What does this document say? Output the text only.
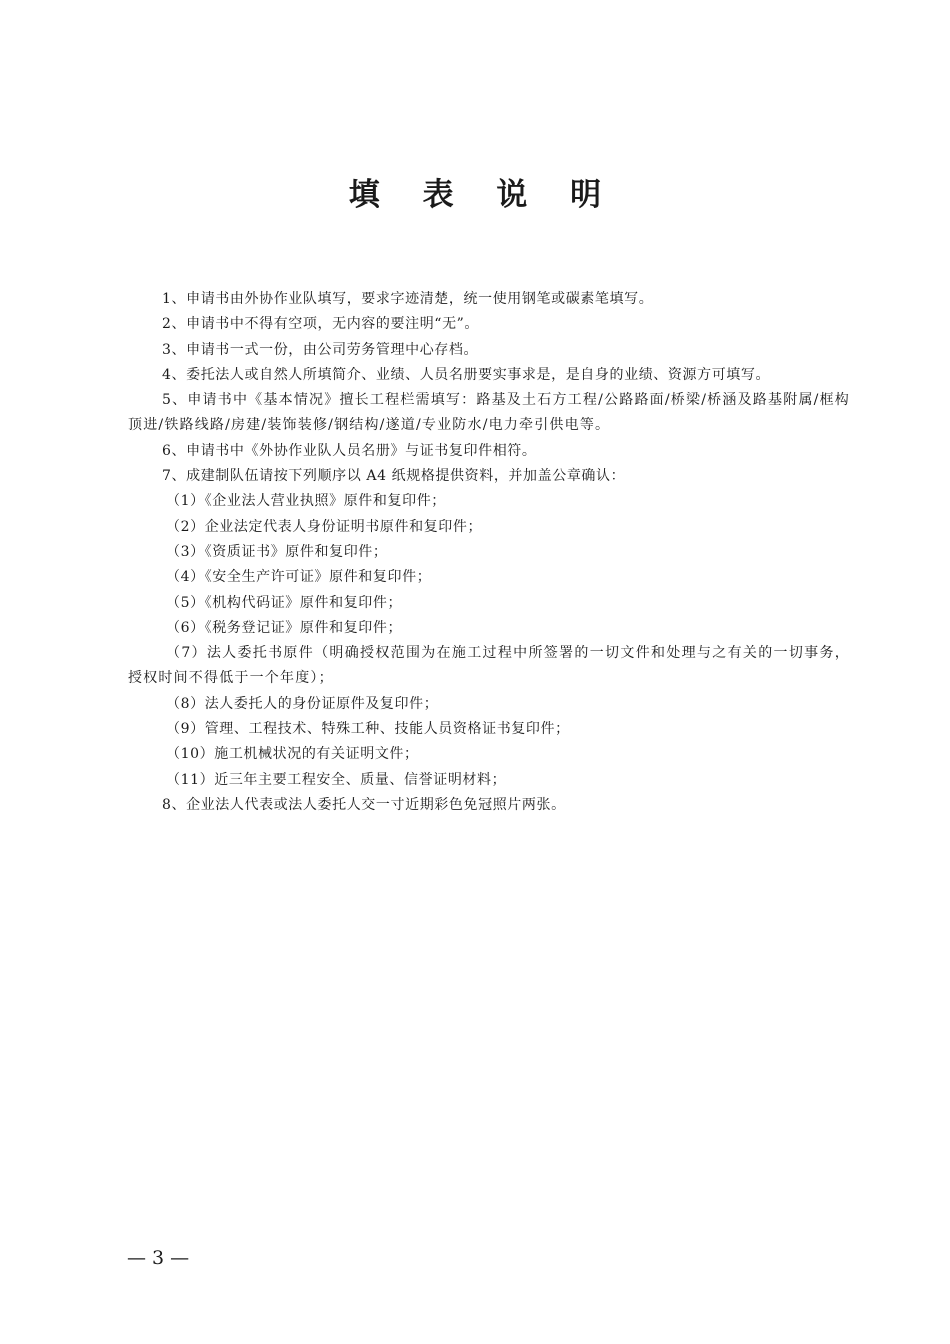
填 表 说 明

1、申请书由外协作业队填写，要求字迹清楚，统一使用钢笔或碳素笔填写。

2、申请书中不得有空项，无内容的要注明“无”。

3、申请书一式一份，由公司劳务管理中心存档。

4、委托法人或自然人所填简介、业绩、人员名册要实事求是，是自身的业绩、资源方可填写。

5、申请书中《基本情况》擅长工程栏需填写：路基及土石方工程/公路路面/桥梁/桥涵及路基附属/框构顶进/铁路线路/房建/装饰装修/钢结构/遂道/专业防水/电力牵引供电等。

6、申请书中《外协作业队人员名册》与证书复印件相符。

7、成建制队伍请按下列顺序以 A4 纸规格提供资料，并加盖公章确认：

（1）《企业法人营业执照》原件和复印件；

（2）企业法定代表人身份证明书原件和复印件；

（3）《资质证书》原件和复印件；

（4）《安全生产许可证》原件和复印件；

（5）《机构代码证》原件和复印件；

（6）《税务登记证》原件和复印件；

（7）法人委托书原件（明确授权范围为在施工过程中所签署的一切文件和处理与之有关的一切事务，授权时间不得低于一个年度）；

（8）法人委托人的身份证原件及复印件；

（9）管理、工程技术、特殊工种、技能人员资格证书复印件；

（10）施工机械状况的有关证明文件；

（11）近三年主要工程安全、质量、信誉证明材料；

8、企业法人代表或法人委托人交一寸近期彩色免冠照片两张。

— 3 —
